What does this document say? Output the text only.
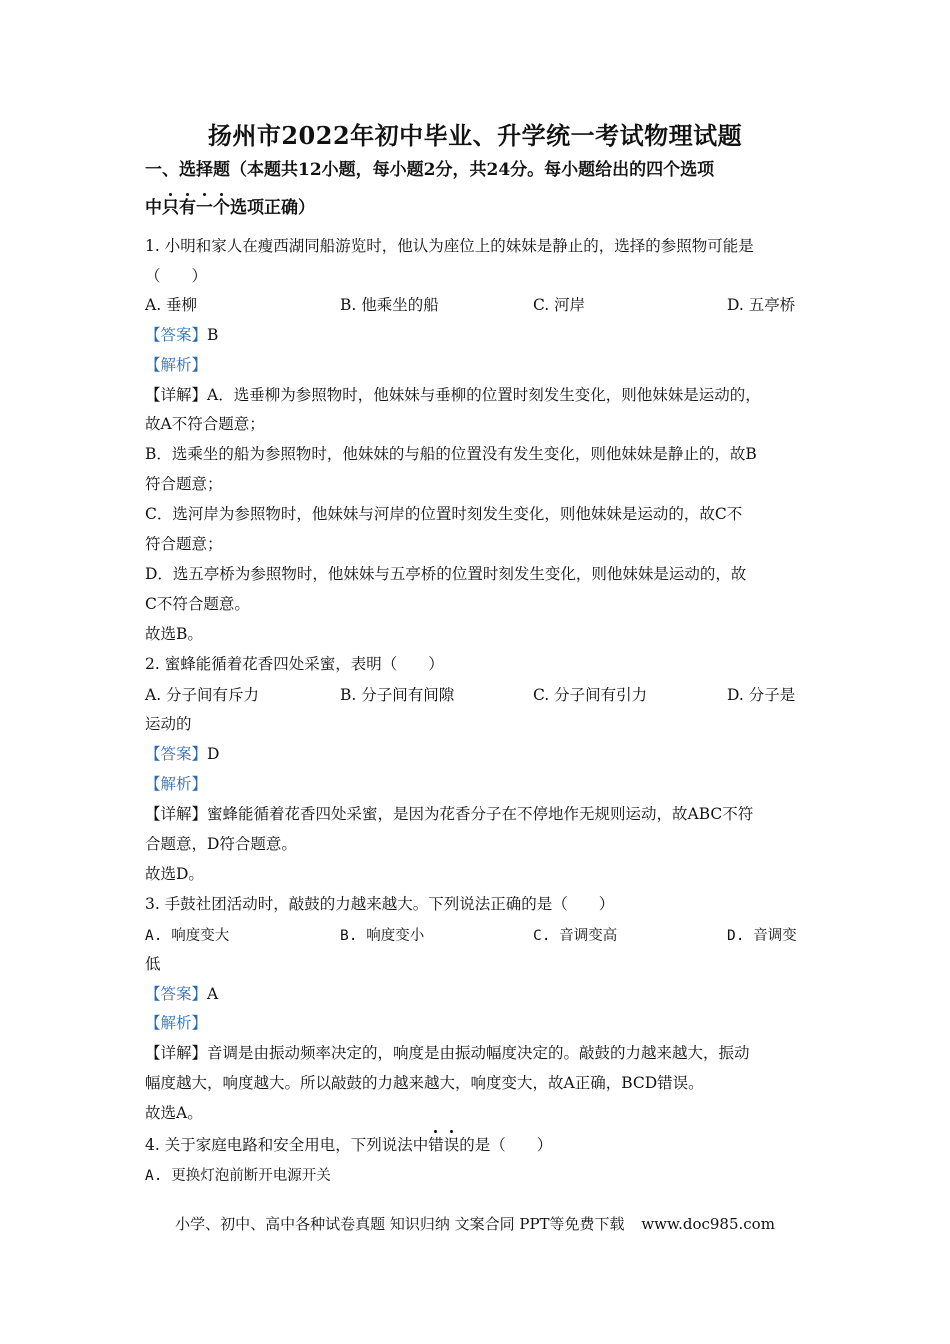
扬州市2022年初中毕业、升学统一考试物理试题
一、选择题（本题共12小题，每小题2分，共24分。每小题给出的四个选项
中只有一个选项正确）
1. 小明和家人在瘦西湖同船游览时，他认为座位上的妹妹是静止的，选择的参照物可能是
（　　）
A. 垂柳	B. 他乘坐的船	C. 河岸	D. 五亭桥
【答案】B
【解析】
【详解】A．选垂柳为参照物时，他妹妹与垂柳的位置时刻发生变化，则他妹妹是运动的，
故A不符合题意；
B．选乘坐的船为参照物时，他妹妹的与船的位置没有发生变化，则他妹妹是静止的，故B
符合题意；
C．选河岸为参照物时，他妹妹与河岸的位置时刻发生变化，则他妹妹是运动的，故C不
符合题意；
D．选五亭桥为参照物时，他妹妹与五亭桥的位置时刻发生变化，则他妹妹是运动的，故
C不符合题意。
故选B。
2. 蜜蜂能循着花香四处采蜜，表明（　　）
A. 分子间有斥力	B. 分子间有间隙	C. 分子间有引力	D. 分子是
运动的
【答案】D
【解析】
【详解】蜜蜂能循着花香四处采蜜，是因为花香分子在不停地作无规则运动，故ABC不符
合题意，D符合题意。
故选D。
3. 手鼓社团活动时，敲鼓的力越来越大。下列说法正确的是（　　）
A. 响度变大	B. 响度变小	C. 音调变高	D. 音调变
低
【答案】A
【解析】
【详解】音调是由振动频率决定的，响度是由振动幅度决定的。敲鼓的力越来越大，振动
幅度越大，响度越大。所以敲鼓的力越来越大，响度变大，故A正确，BCD错误。
故选A。
4. 关于家庭电路和安全用电，下列说法中错误的是（　　）
A. 更换灯泡前断开电源开关
小学、初中、高中各种试卷真题 知识归纳 文案合同 PPT等免费下载 www.doc985.com
